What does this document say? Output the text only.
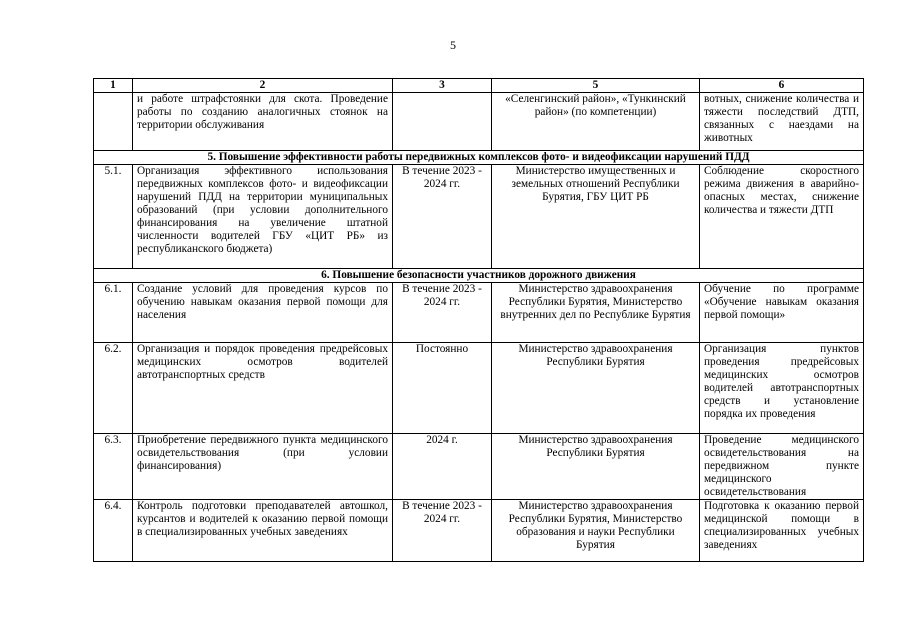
5
1	2	3	5	6
	и работе штрафстоянки для скота. Проведение работы по созданию аналогичных стоянок на территории обслуживания		«Селенгинский район», «Тункинский район» (по компетенции)	вотных, снижение количества и тяжести последствий ДТП, связанных с наездами на животных
5. Повышение эффективности работы передвижных комплексов фото- и видеофиксации нарушений ПДД				
5.1.	Организация эффективного использования передвижных комплексов фото- и видеофиксации нарушений ПДД на территории муниципальных образований (при условии дополнительного финансирования на увеличение штатной численности водителей ГБУ «ЦИТ РБ» из республиканского бюджета)	В течение 2023 - 2024 гг.	Министерство имущественных и земельных отношений Республики Бурятия, ГБУ ЦИТ РБ	Соблюдение скоростного режима движения в аварийно-опасных местах, снижение количества и тяжести ДТП
6. Повышение безопасности участников дорожного движения				
6.1.	Создание условий для проведения курсов по обучению навыкам оказания первой помощи для населения	В течение 2023 - 2024 гг.	Министерство здравоохранения Республики Бурятия, Министерство внутренних дел по Республике Бурятия	Обучение по программе «Обучение навыкам оказания первой помощи»
6.2.	Организация и порядок проведения предрейсовых медицинских осмотров водителей автотранспортных средств	Постоянно	Министерство здравоохранения Республики Бурятия	Организация пунктов проведения предрейсовых медицинских осмотров водителей автотранспортных средств и установление порядка их проведения
6.3.	Приобретение передвижного пункта медицинского освидетельствования (при условии финансирования)	2024 г.	Министерство здравоохранения Республики Бурятия	Проведение медицинского освидетельствования на передвижном пункте медицинского освидетельствования
6.4.	Контроль подготовки преподавателей автошкол, курсантов и водителей к оказанию первой помощи в специализированных учебных заведениях	В течение 2023 - 2024 гг.	Министерство здравоохранения Республики Бурятия, Министерство образования и науки Республики Бурятия	Подготовка к оказанию первой медицинской помощи в специализированных учебных заведениях
